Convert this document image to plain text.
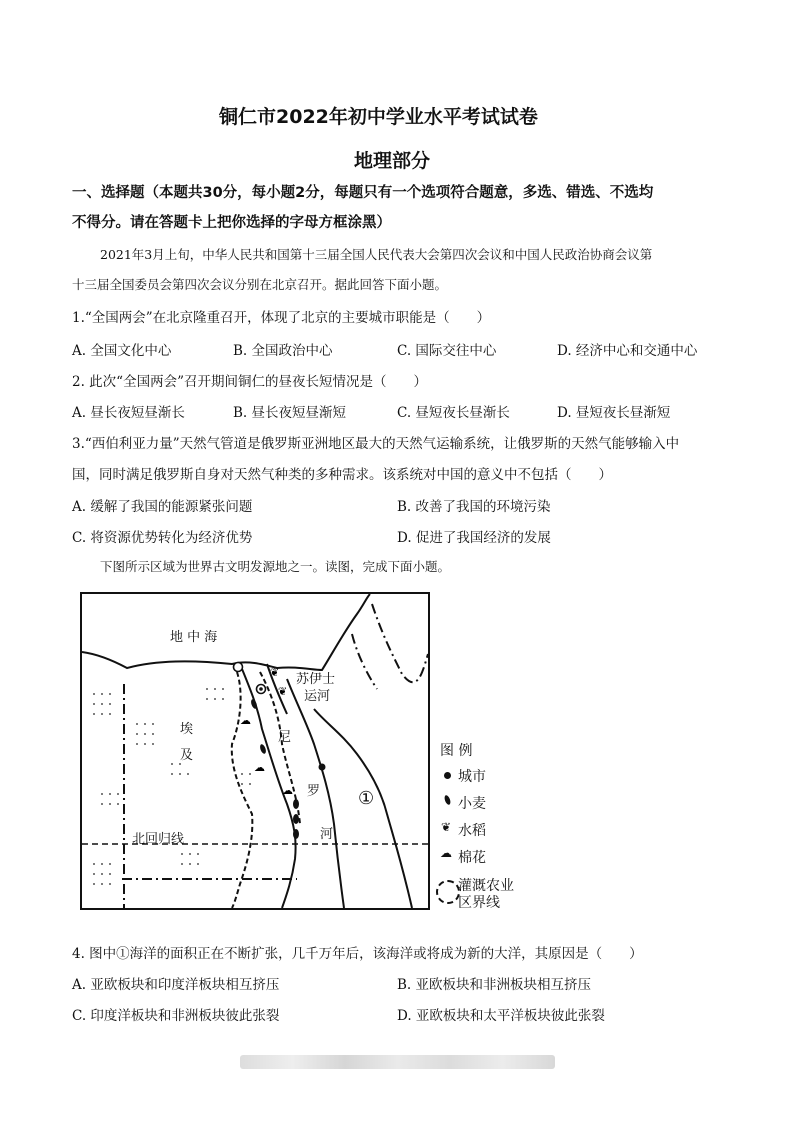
铜仁市2022年初中学业水平考试试卷
地理部分
一、选择题（本题共30分，每小题2分，每题只有一个选项符合题意，多选、错选、不选均
不得分。请在答题卡上把你选择的字母方框涂黑）
2021年3月上旬，中华人民共和国第十三届全国人民代表大会第四次会议和中国人民政治协商会议第
十三届全国委员会第四次会议分别在北京召开。据此回答下面小题。
1.“全国两会”在北京隆重召开，体现了北京的主要城市职能是（　　）
A. 全国文化中心	B. 全国政治中心	C. 国际交往中心	D. 经济中心和交通中心
2. 此次“全国两会”召开期间铜仁的昼夜长短情况是（　　）
A. 昼长夜短昼渐长	B. 昼长夜短昼渐短	C. 昼短夜长昼渐长	D. 昼短夜长昼渐短
3.“西伯利亚力量”天然气管道是俄罗斯亚洲地区最大的天然气运输系统，让俄罗斯的天然气能够输入中
国，同时满足俄罗斯自身对天然气种类的多种需求。该系统对中国的意义中不包括（　　）
A. 缓解了我国的能源紧张问题	B. 改善了我国的环境污染
C. 将资源优势转化为经济优势	D. 促进了我国经济的发展
下图所示区域为世界古文明发源地之一。读图，完成下面小题。
❦
❦
☁
☁
☁
地 中 海
苏伊士
运河
埃
及
尼
罗
河
北回归线
①
图 例
城市
小麦
❦ 水稻
☁ 棉花
灌溉农业
区界线
4. 图中①海洋的面积正在不断扩张，几千万年后，该海洋或将成为新的大洋，其原因是（　　）
A. 亚欧板块和印度洋板块相互挤压	B. 亚欧板块和非洲板块相互挤压
C. 印度洋板块和非洲板块彼此张裂	D. 亚欧板块和太平洋板块彼此张裂
